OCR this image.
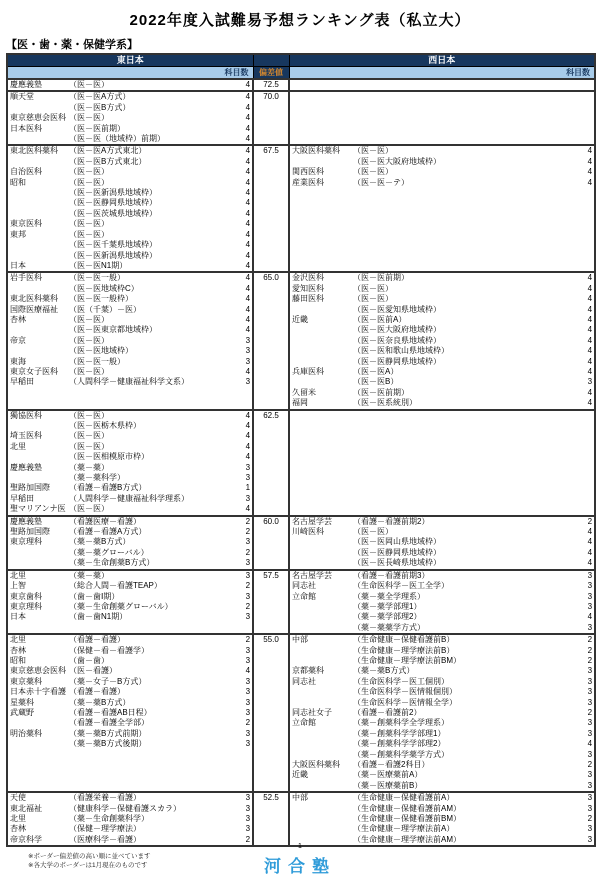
2022年度入試難易予想ランキング表（私立大）
【医・歯・薬・保健学系】
東日本				西日本		
科目数			偏差値	科目数		
慶應義塾	（医－医）	4	72.5			
順天堂	（医－医A方式）	4	70.0			
	（医－医B方式）	4				
東京慈恵会医科	（医－医）	4				
日本医科	（医－医前期）	4				
	（医－医（地域枠）前期）	4				
東北医科薬科	（医－医A方式東北）	4	67.5	大阪医科薬科	（医－医）	4
	（医－医B方式東北）	4			（医－医大阪府地域枠）	4
自治医科	（医－医）	4		関西医科	（医－医）	4
昭和	（医－医）	4		産業医科	（医－医－テ）	4
	（医－医新潟県地域枠）	4				
	（医－医静岡県地域枠）	4				
	（医－医茨城県地域枠）	4				
東京医科	（医－医）	4				
東邦	（医－医）	4				
	（医－医千葉県地域枠）	4				
	（医－医新潟県地域枠）	4				
日本	（医－医N1期）	4				
岩手医科	（医－医一般）	4	65.0	金沢医科	（医－医前期）	4
	（医－医地域枠C）	4		愛知医科	（医－医）	4
東北医科薬科	（医－医一般枠）	4		藤田医科	（医－医）	4
国際医療福祉	（医（千葉）－医）	4			（医－医愛知県地域枠）	4
杏林	（医－医）	4		近畿	（医－医前A）	4
	（医－医東京都地域枠）	4			（医－医大阪府地域枠）	4
帝京	（医－医）	3			（医－医奈良県地域枠）	4
	（医－医地域枠）	3			（医－医和歌山県地域枠）	4
東海	（医－医一般）	3			（医－医静岡県地域枠）	4
東京女子医科	（医－医）	4		兵庫医科	（医－医A）	4
早稲田	（人間科学－健康福祉科学文系）	3			（医－医B）	3
				久留米	（医－医前期）	4
				福岡	（医－医系統別）	4
獨協医科	（医－医）	4	62.5			
	（医－医栃木県枠）	4				
埼玉医科	（医－医）	4				
北里	（医－医）	4				
	（医－医相模原市枠）	4				
慶應義塾	（薬－薬）	3				
	（薬－薬科学）	3				
聖路加国際	（看護－看護B方式）	1				
早稲田	（人間科学－健康福祉科学理系）	3				
聖マリアンナ医	（医－医）	4				
慶應義塾	（看護医療－看護）	2	60.0	名古屋学芸	（看護－看護前期2）	2
聖路加国際	（看護－看護A方式）	2		川崎医科	（医－医）	4
東京理科	（薬－薬B方式）	3			（医－医岡山県地域枠）	4
	（薬－薬グローバル）	2			（医－医静岡県地域枠）	4
	（薬－生命創薬B方式）	3			（医－医長崎県地域枠）	4
北里	（薬－薬）	3	57.5	名古屋学芸	（看護－看護前期3）	3
上智	（総合人間－看護TEAP）	2		同志社	（生命医科学－医工全学）	3
東京歯科	（歯－歯Ⅰ期）	3		立命館	（薬－薬全学理系）	3
東京理科	（薬－生命創薬グローバル）	2			（薬－薬学部理1）	3
日本	（歯－歯N1期）	3			（薬－薬学部理2）	4
					（薬－薬薬学方式）	3
北里	（看護－看護）	2	55.0	中部	（生命健康－保健看護前B）	2
杏林	（保健－看－看護学）	3			（生命健康－理学療法前B）	2
昭和	（歯－歯）	3			（生命健康－理学療法前BM）	2
東京慈恵会医科	（医－看護）	4		京都薬科	（薬－薬B方式）	3
東京薬科	（薬－女子－B方式）	3		同志社	（生命医科学－医工個別）	3
日本赤十字看護	（看護－看護）	3			（生命医科学－医情報個別）	3
星薬科	（薬－薬B方式）	3			（生命医科学－医情報全学）	3
武蔵野	（看護－看護AB日程）	3		同志社女子	（看護－看護前2）	2
	（看護－看護全学部）	2		立命館	（薬－創薬科学全学理系）	3
明治薬科	（薬－薬B方式前期）	3			（薬－創薬科学学部理1）	3
	（薬－薬B方式後期）	3			（薬－創薬科学学部理2）	4
					（薬－創薬科学薬学方式）	3
				大阪医科薬科	（看護－看護2科目）	2
				近畿	（薬－医療薬前A）	3
					（薬－医療薬前B）	3
天使	（看護栄養－看護）	3	52.5	中部	（生命健康－保健看護前A）	3
東北福祉	（健康科学－保健看護スカラ）	3			（生命健康－保健看護前AM）	3
北里	（薬－生命創薬科学）	3			（生命健康－保健看護前BM）	2
杏林	（保健－理学療法）	3			（生命健康－理学療法前A）	3
帝京科学	（医療科学－看護）	2			（生命健康－理学療法前AM）	3
※ボーダー偏差値の高い順に並べています
※各大学のボーダーは1月現在のものです
1
河合塾
